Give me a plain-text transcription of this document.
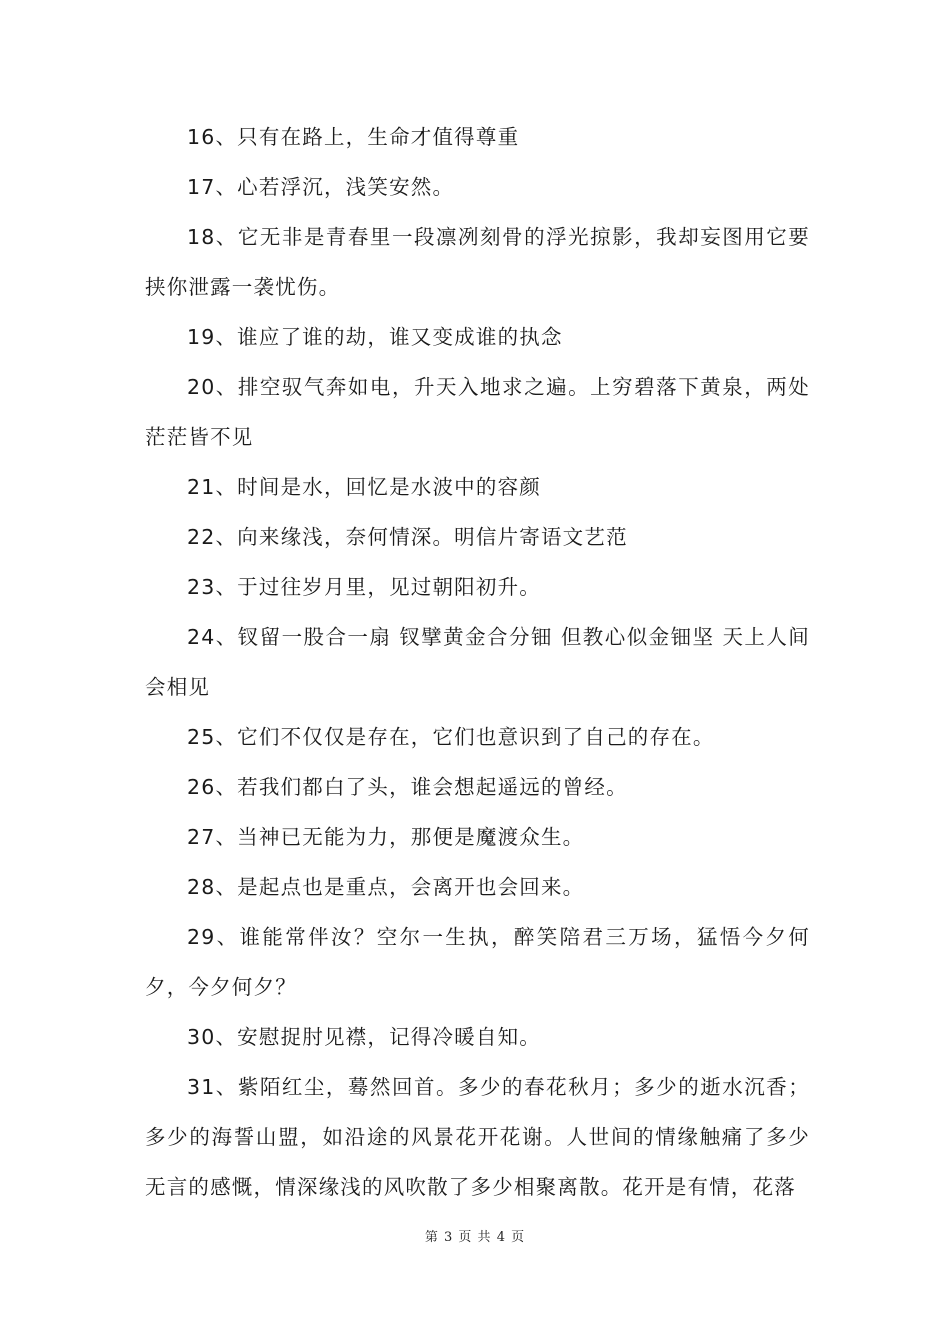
16、只有在路上，生命才值得尊重

17、心若浮沉，浅笑安然。

18、它无非是青春里一段凛冽刻骨的浮光掠影，我却妄图用它要挟你泄露一袭忧伤。

19、谁应了谁的劫，谁又变成谁的执念

20、排空驭气奔如电，升天入地求之遍。上穷碧落下黄泉，两处茫茫皆不见

21、时间是水，回忆是水波中的容颜

22、向来缘浅，奈何情深。明信片寄语文艺范

23、于过往岁月里，见过朝阳初升。

24、钗留一股合一扇 钗擘黄金合分钿 但教心似金钿坚 天上人间会相见

25、它们不仅仅是存在，它们也意识到了自己的存在。

26、若我们都白了头，谁会想起遥远的曾经。

27、当神已无能为力，那便是魔渡众生。

28、是起点也是重点，会离开也会回来。

29、谁能常伴汝？空尔一生执，醉笑陪君三万场，猛悟今夕何夕，今夕何夕？

30、安慰捉肘见襟，记得冷暖自知。

31、紫陌红尘，蓦然回首。多少的春花秋月；多少的逝水沉香；多少的海誓山盟，如沿途的风景花开花谢。人世间的情缘触痛了多少无言的感慨，情深缘浅的风吹散了多少相聚离散。花开是有情，花落

第 3 页 共 4 页
